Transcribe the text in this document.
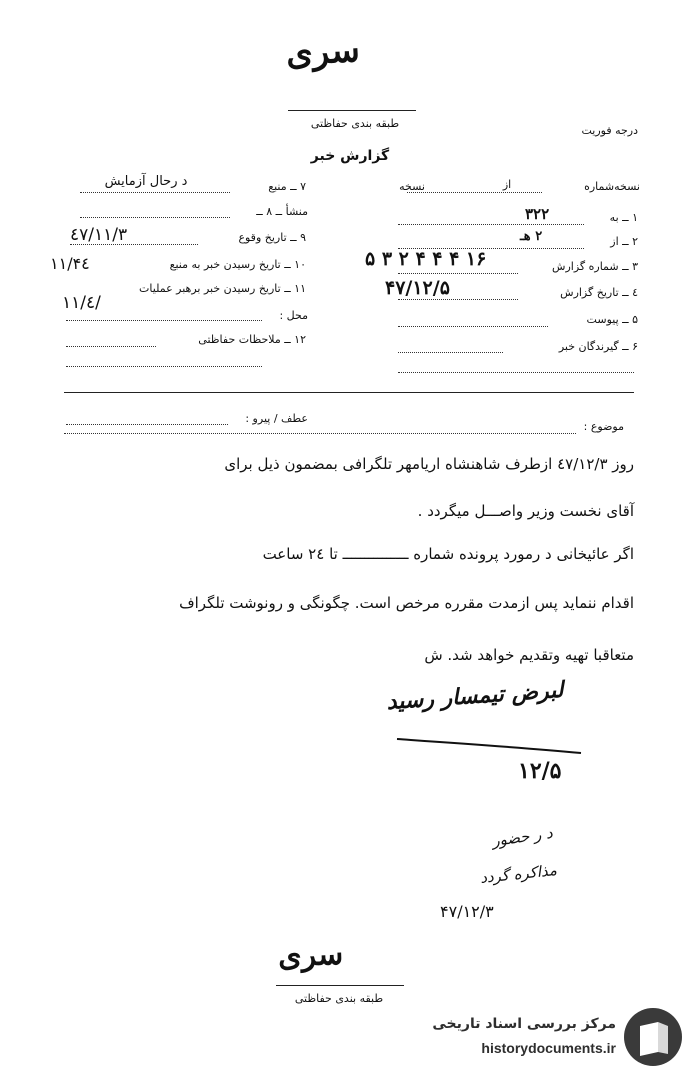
سری
طبقه بندی حفاظتی
درجه فوریت
گزارش خبر
نسخه‌شماره
از
نسخه
۱ ــ به
۳۲۲
۲ ــ از
۲ هـ
۳ ــ شماره گزارش
۵ ۳ ۲ ۴ ۴ ۴ ۱۶
٤ ــ تاریخ گزارش
۴۷/۱۲/۵
۵ ــ پیوست
۶ ــ گیرندگان خبر
۷ ــ منبع
د رحال آزمایش
منشأ ــ ۸ ــ
۹ ــ تاریخ وقوع
٤٧/١١/٣
۱۰ ــ تاریخ رسیدن خبر به منبع
۱۱/۴٤
۱۱ ــ تاریخ رسیدن خبر برهبر عملیات
١١/٤/
محل :
۱۲ ــ ملاحظات حفاظتی
عطف / پیرو :
موضوع :
روز ٤٧/١٢/٣ ازطرف شاهنشاه اریامهر تلگرافی بمضمون ذیل برای
آقای نخست وزیر واصـــل میگردد .
اگر عائیخانی د رمورد پرونده شماره ـــــــــــــــ تا ۲٤ ساعت
اقدام ننمايد پس ازمدت مقرره مرخص است. چگونگی و رونوشت تلگراف
متعاقبا تهيه وتقديم خواهد شد. ش
لبرض تیمسار رسید
۱۲/۵
د ر حضور
مذاکره گردد
۴۷/۱۲/۳
سری
طبقه بندی حفاظتی
مرکز بررسی اسناد تاریخی
historydocuments.ir
